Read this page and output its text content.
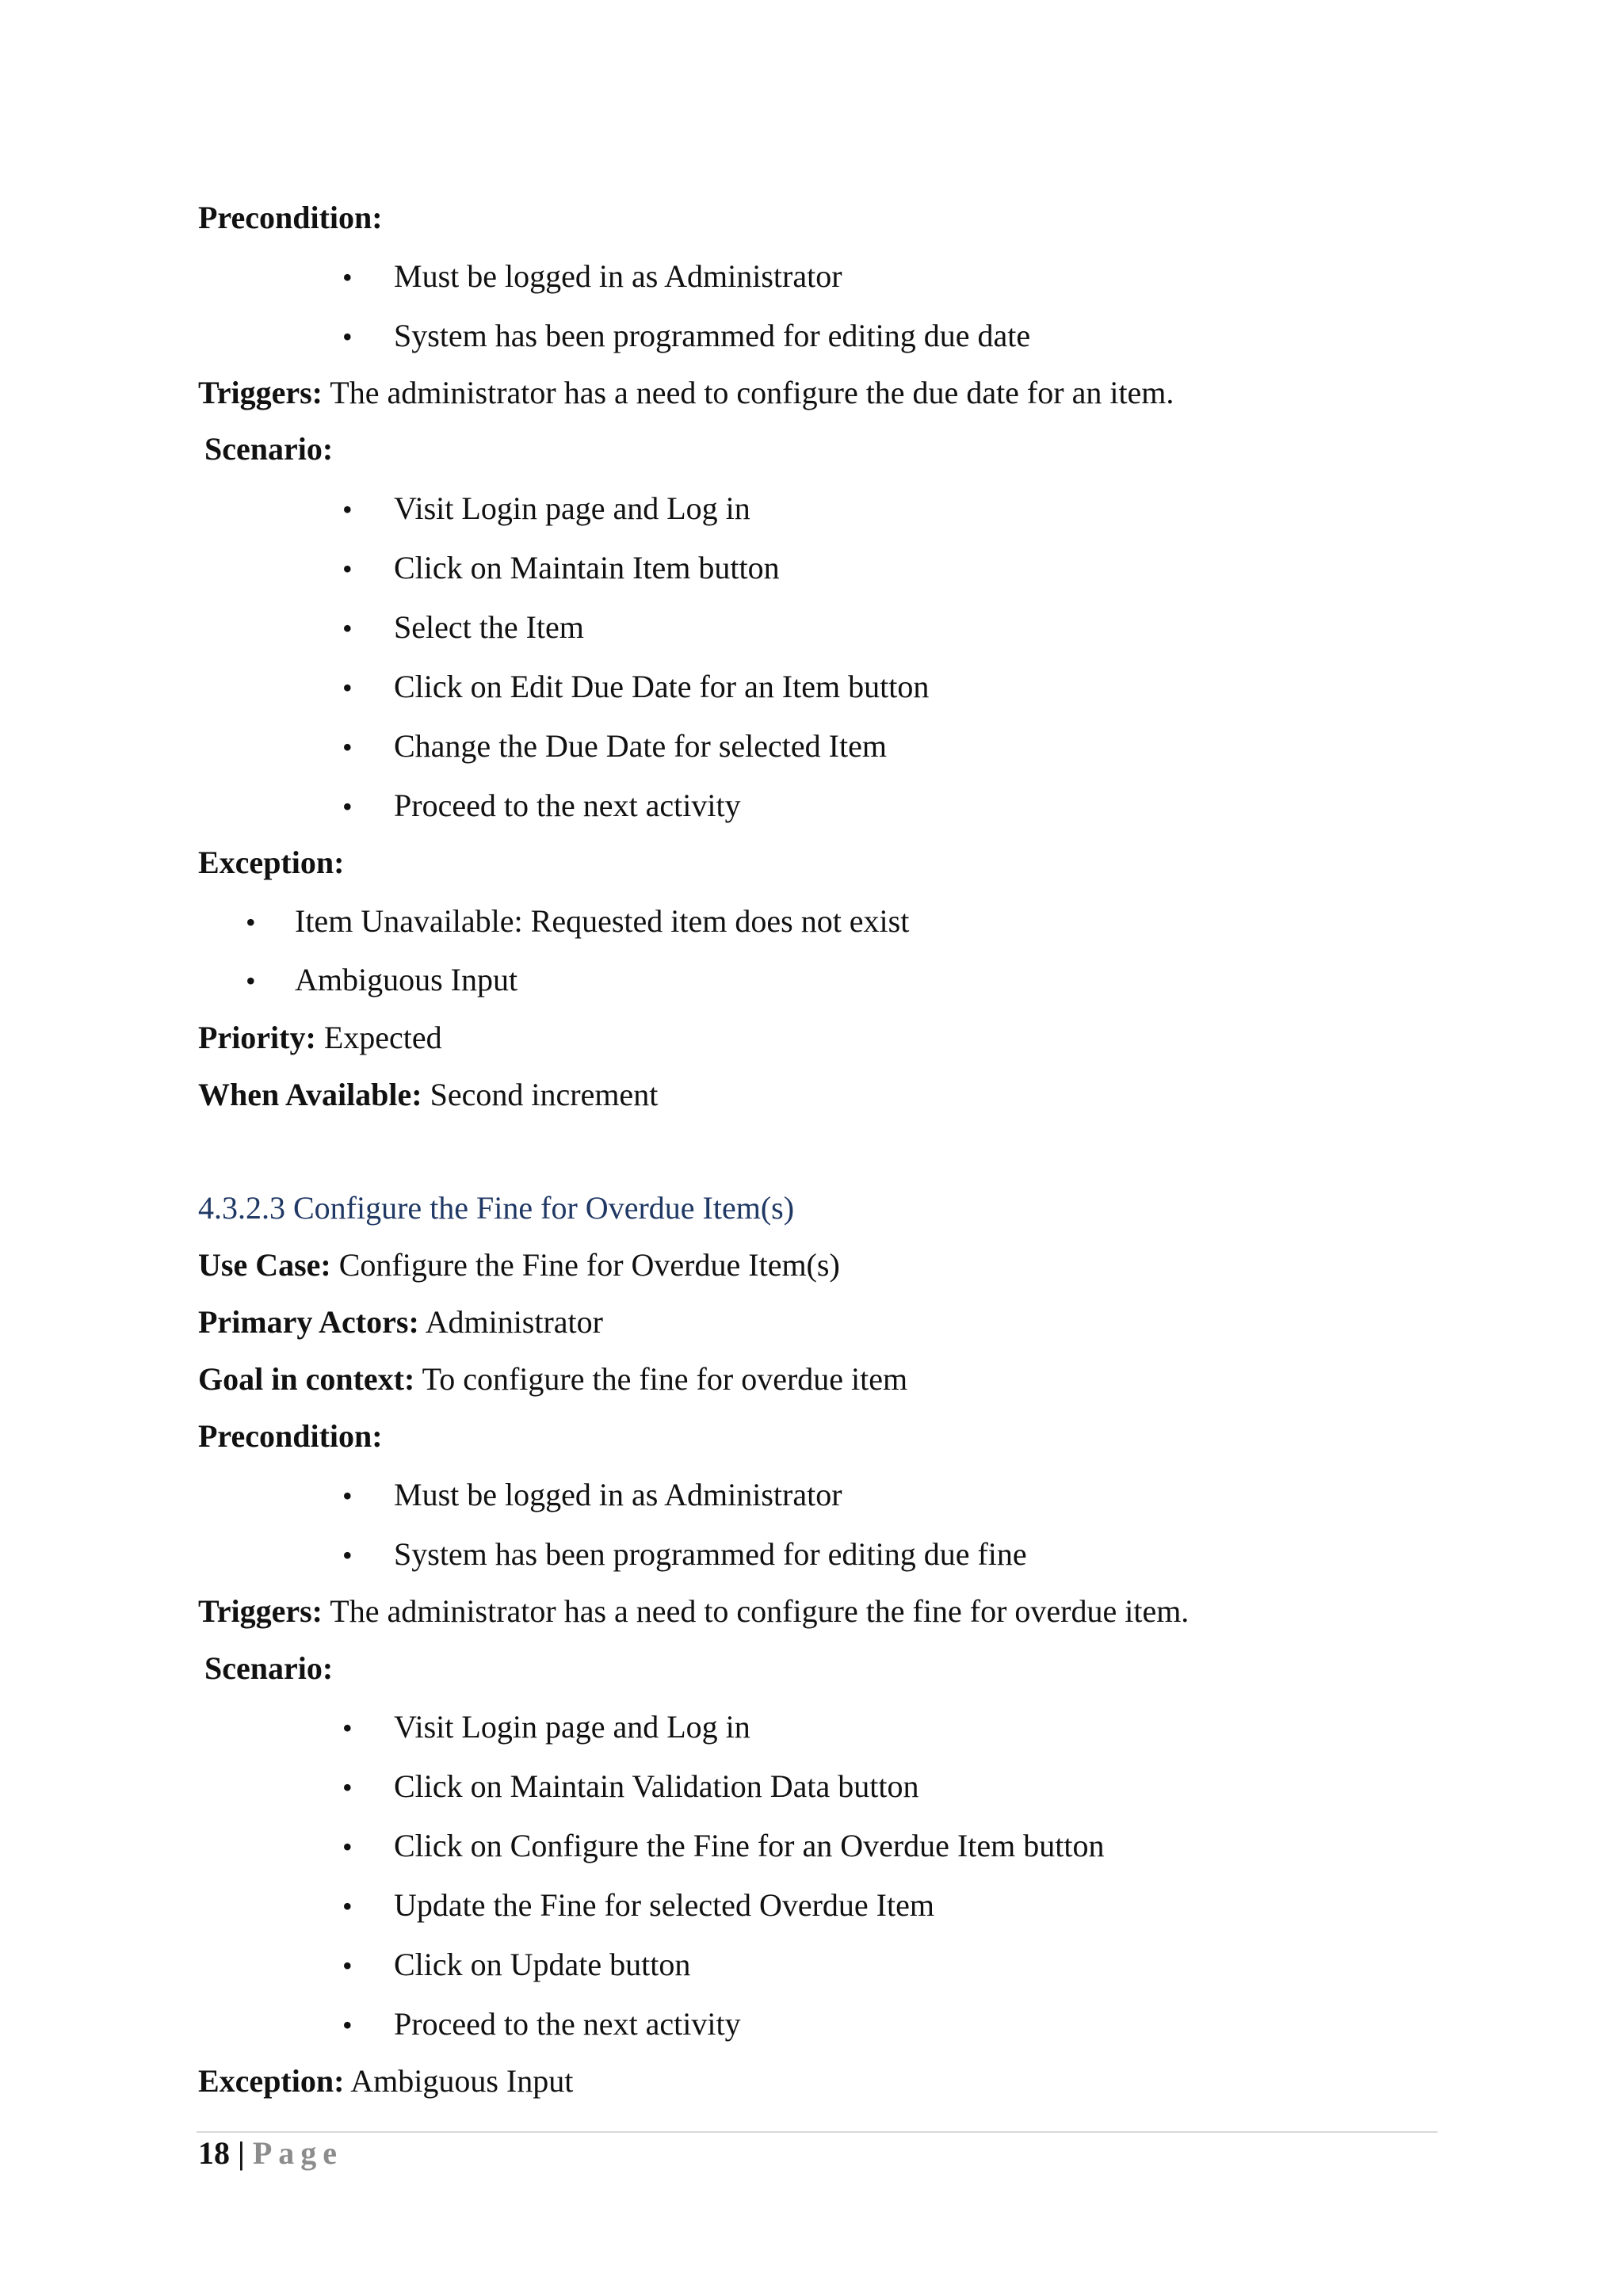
Precondition:
• Must be logged in as Administrator
• System has been programmed for editing due date
Triggers: The administrator has a need to configure the due date for an item.
Scenario:
• Visit Login page and Log in
• Click on Maintain Item button
• Select the Item
• Click on Edit Due Date for an Item button
• Change the Due Date for selected Item
• Proceed to the next activity
Exception:
• Item Unavailable: Requested item does not exist
• Ambiguous Input
Priority: Expected
When Available: Second increment
4.3.2.3 Configure the Fine for Overdue Item(s)
Use Case: Configure the Fine for Overdue Item(s)
Primary Actors: Administrator
Goal in context: To configure the fine for overdue item
Precondition:
• Must be logged in as Administrator
• System has been programmed for editing due fine
Triggers: The administrator has a need to configure the fine for overdue item.
Scenario:
• Visit Login page and Log in
• Click on Maintain Validation Data button
• Click on Configure the Fine for an Overdue Item button
• Update the Fine for selected Overdue Item
• Click on Update button
• Proceed to the next activity
Exception: Ambiguous Input
18 | Page
